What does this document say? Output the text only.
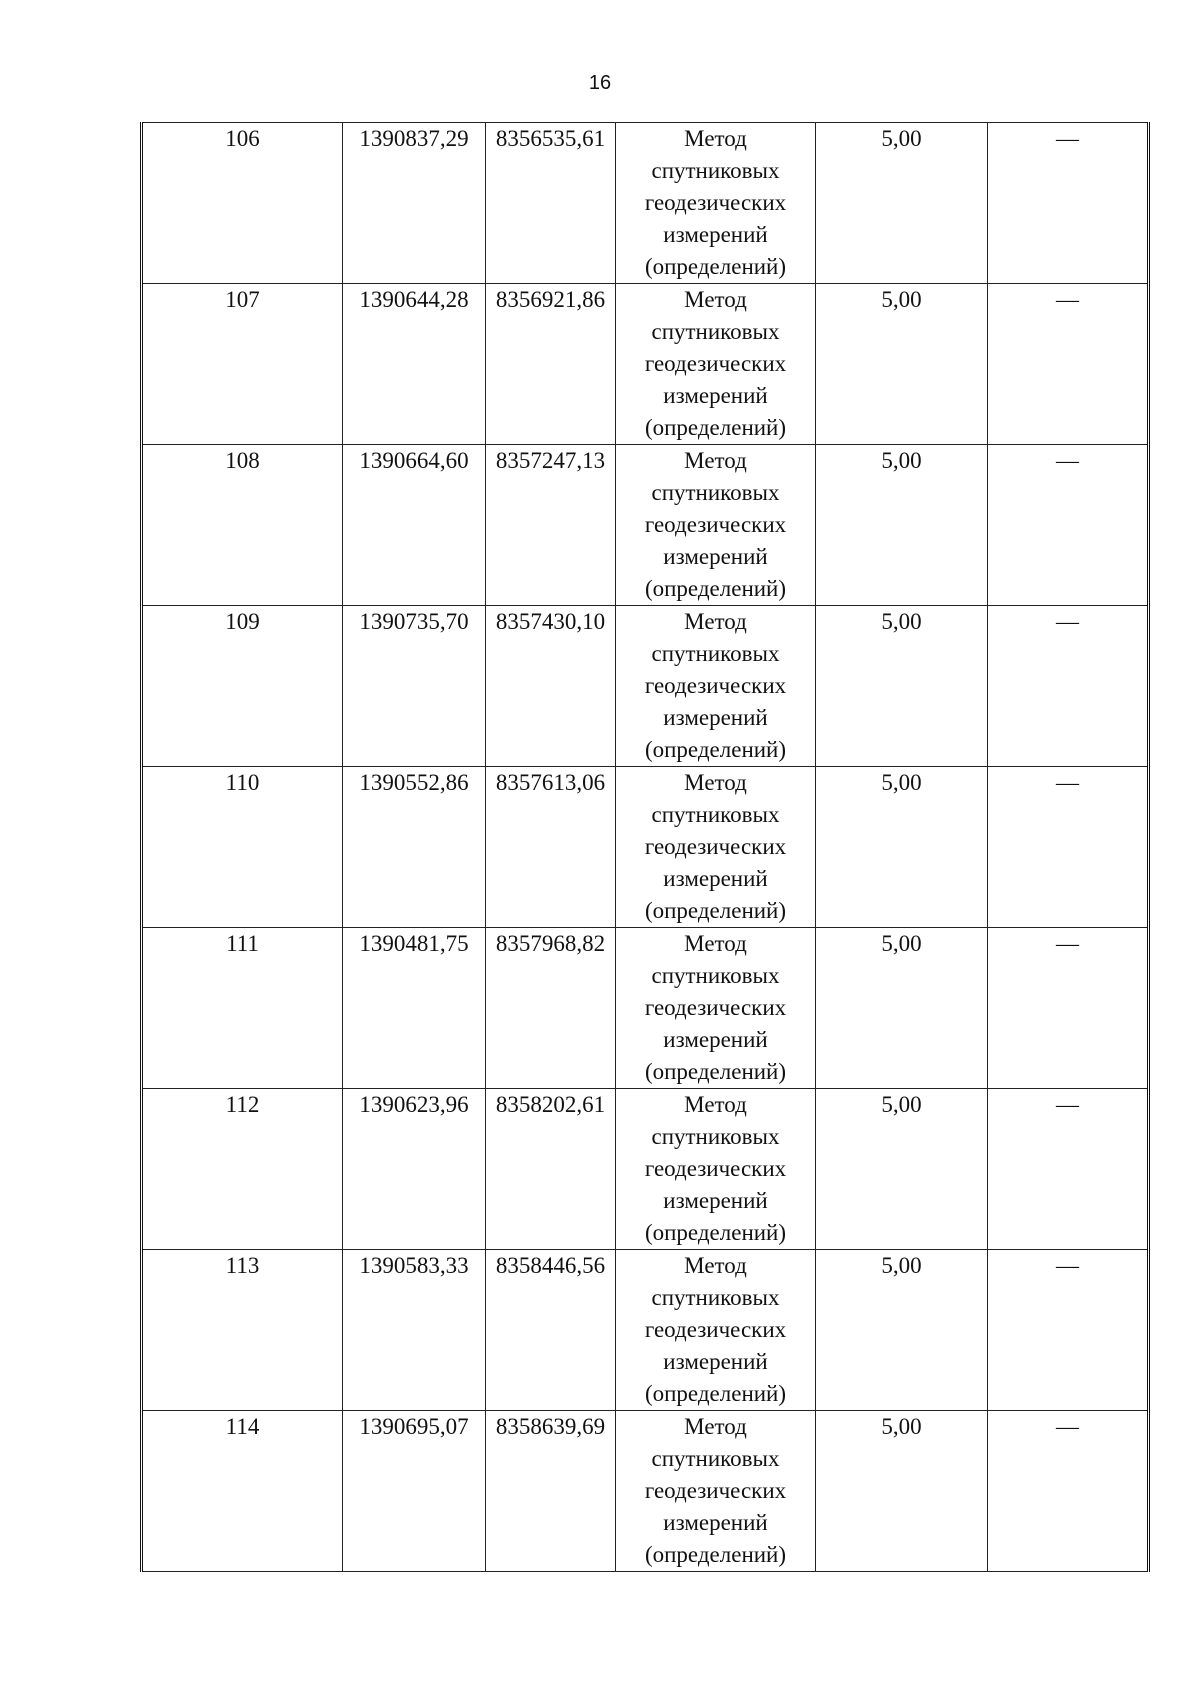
16
106	1390837,29	8356535,61	Метод
спутниковых
геодезических
измерений
(определений)	5,00	—
107	1390644,28	8356921,86	Метод
спутниковых
геодезических
измерений
(определений)	5,00	—
108	1390664,60	8357247,13	Метод
спутниковых
геодезических
измерений
(определений)	5,00	—
109	1390735,70	8357430,10	Метод
спутниковых
геодезических
измерений
(определений)	5,00	—
110	1390552,86	8357613,06	Метод
спутниковых
геодезических
измерений
(определений)	5,00	—
111	1390481,75	8357968,82	Метод
спутниковых
геодезических
измерений
(определений)	5,00	—
112	1390623,96	8358202,61	Метод
спутниковых
геодезических
измерений
(определений)	5,00	—
113	1390583,33	8358446,56	Метод
спутниковых
геодезических
измерений
(определений)	5,00	—
114	1390695,07	8358639,69	Метод
спутниковых
геодезических
измерений
(определений)	5,00	—
